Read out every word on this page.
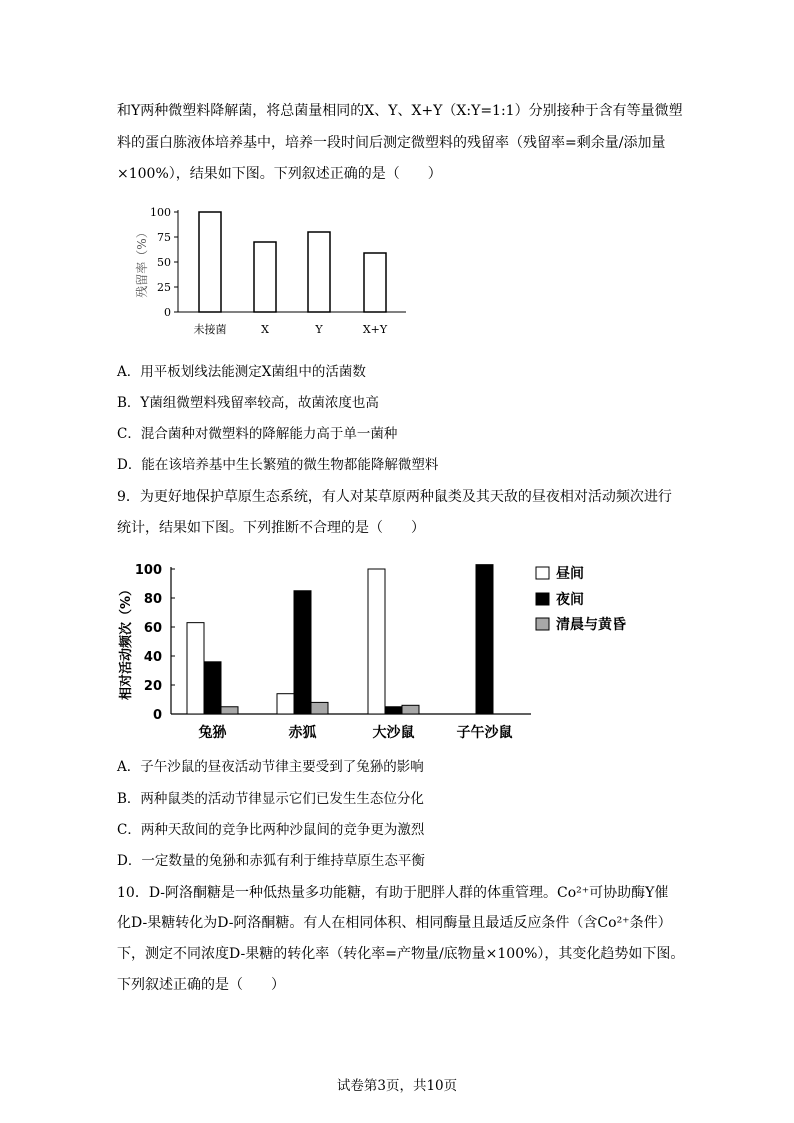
和Y两种微塑料降解菌，将总菌量相同的X、Y、X+Y（X:Y=1:1）分别接种于含有等量微塑
料的蛋白胨液体培养基中，培养一段时间后测定微塑料的残留率（残留率=剩余量/添加量
×100%），结果如下图。下列叙述正确的是（　　）
0
25
50
75
100
残留率（%）
未接菌	X	Y	X+Y
A．用平板划线法能测定X菌组中的活菌数
B．Y菌组微塑料残留率较高，故菌浓度也高
C．混合菌种对微塑料的降解能力高于单一菌种
D．能在该培养基中生长繁殖的微生物都能降解微塑料
9．为更好地保护草原生态系统，有人对某草原两种鼠类及其天敌的昼夜相对活动频次进行
统计，结果如下图。下列推断不合理的是（　　）
0
20
40
60
80
100
相对活动频次（%）
兔狲	赤狐	大沙鼠	子午沙鼠
昼间
夜间
清晨与黄昏
A．子午沙鼠的昼夜活动节律主要受到了兔狲的影响
B．两种鼠类的活动节律显示它们已发生生态位分化
C．两种天敌间的竞争比两种沙鼠间的竞争更为激烈
D．一定数量的兔狲和赤狐有利于维持草原生态平衡
10．D-阿洛酮糖是一种低热量多功能糖，有助于肥胖人群的体重管理。Co²⁺可协助酶Y催
化D-果糖转化为D-阿洛酮糖。有人在相同体积、相同酶量且最适反应条件（含Co²⁺条件）
下，测定不同浓度D-果糖的转化率（转化率=产物量/底物量×100%），其变化趋势如下图。
下列叙述正确的是（　　）
试卷第3页，共10页
